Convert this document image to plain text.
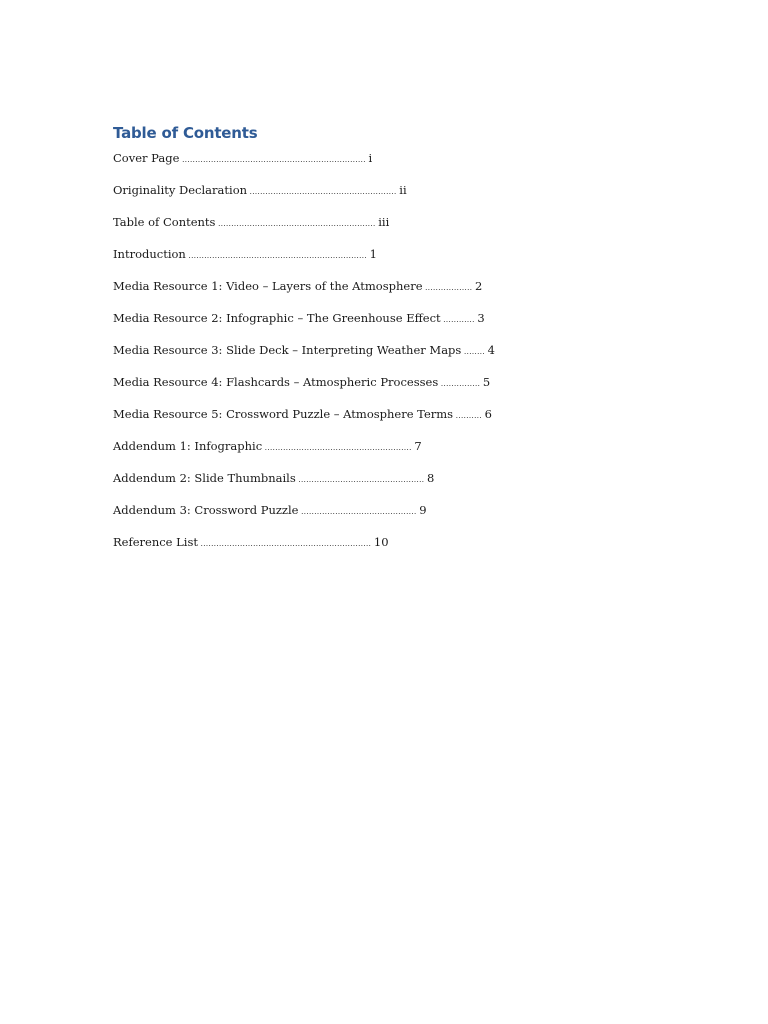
Table of Contents
Cover Page ...................................................................... i
Originality Declaration ........................................................ ii
Table of Contents ............................................................ iii
Introduction .................................................................... 1
Media Resource 1: Video – Layers of the Atmosphere .................. 2
Media Resource 2: Infographic – The Greenhouse Effect ............ 3
Media Resource 3: Slide Deck – Interpreting Weather Maps ........ 4
Media Resource 4: Flashcards – Atmospheric Processes ............... 5
Media Resource 5: Crossword Puzzle – Atmosphere Terms .......... 6
Addendum 1: Infographic ........................................................ 7
Addendum 2: Slide Thumbnails ................................................ 8
Addendum 3: Crossword Puzzle ............................................ 9
Reference List ................................................................. 10
